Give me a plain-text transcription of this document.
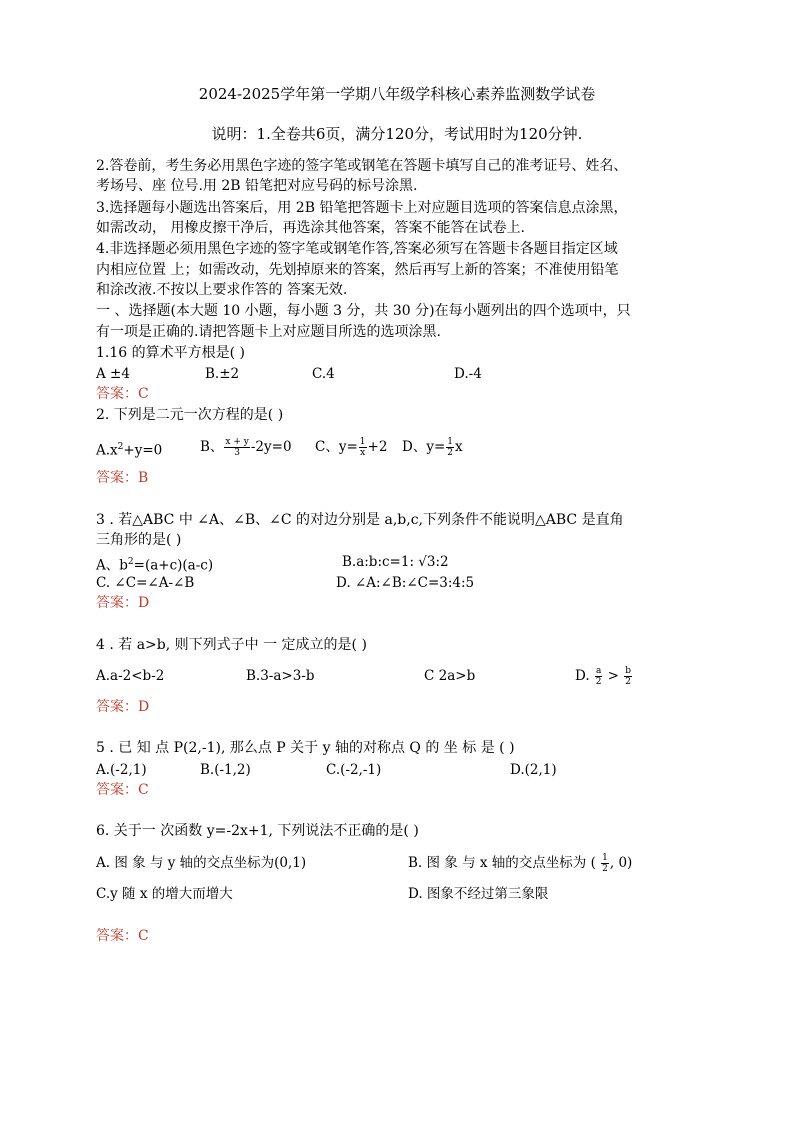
2024-2025学年第一学期八年级学科核心素养监测数学试卷
说明：1.全卷共6页，满分120分，考试用时为120分钟.
2.答卷前，考生务必用黑色字迹的签字笔或钢笔在答题卡填写自己的准考证号、姓名、
考场号、座 位号.用 2B 铅笔把对应号码的标号涂黑.
3.选择题每小题选出答案后，用 2B 铅笔把答题卡上对应题目选项的答案信息点涂黑，
如需改动， 用橡皮擦干净后，再选涂其他答案，答案不能答在试卷上.
4.非选择题必须用黑色字迹的签字笔或钢笔作答,答案必须写在答题卡各题目指定区域
内相应位置 上；如需改动，先划掉原来的答案，然后再写上新的答案；不准使用铅笔
和涂改液.不按以上要求作答的 答案无效.
一 、选择题(本大题 10 小题，每小题 3 分，共 30 分)在每小题列出的四个选项中，只
有一项是正确的.请把答题卡上对应题目所选的选项涂黑.
1.16 的算术平方根是( )
A ±4	B.±2	C.4	D.-4
答案：C
2. 下列是二元一次方程的是( )
$A.x^2+y=0$	B、 $\frac{x + y}{3} -2y=0$ C、$y= \frac{1}{x} +2$ D、$y= \frac{1}{2}$ x
答案：B
3 . 若△ABC 中 ∠A、∠B、∠C 的对边分别是 a,b,c,下列条件不能说明△ABC 是直角
三角形的是( )
A、$b^2=(a+c)(a-c)$	B.a:b:c=1: √3:2
C. ∠C=∠A-∠B	D. ∠A:∠B:∠C=3:4:5
答案：D
4 . 若 a>b, 则下列式子中 一 定成立的是( )
A.a-2<b-2	B.3-a>3-b	C 2a>b	D. $\frac{a}{2} > \frac{b}{2}$
答案：D
5 . 已 知 点 P(2,-1), 那么点 P 关于 y 轴的对称点 Q 的 坐 标 是 ( )
A.(-2,1)	B.(-1,2)	C.(-2,-1)	D.(2,1)
答案：C
6. 关于一 次函数 y=-2x+1, 下列说法不正确的是( )
A. 图 象 与 y 轴的交点坐标为(0,1)	B. 图 象 与 x 轴的交点坐标为 ( $\frac{1}{2}$ , 0)
C.y 随 x 的增大而增大	D. 图象不经过第三象限
答案：C
